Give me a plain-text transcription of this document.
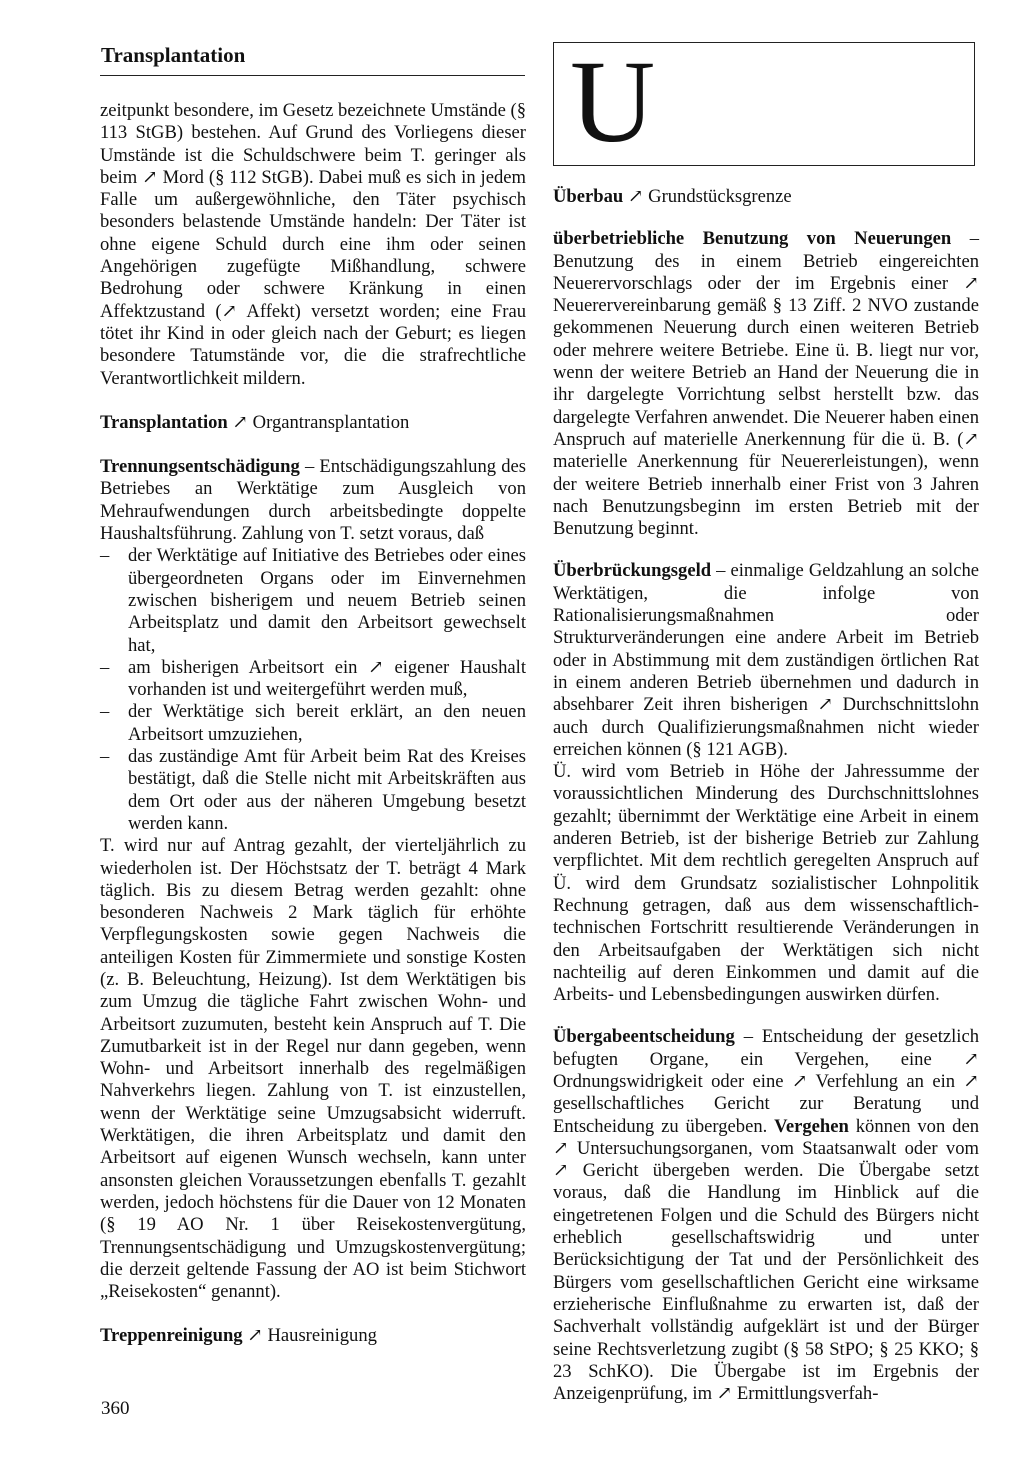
Transplantation	U

zeitpunkt besondere, im Gesetz bezeichnete Umstände (§ 113 StGB) bestehen. Auf Grund des Vorliegens dieser Umstände ist die Schuldschwere beim T. geringer als beim ↗ Mord (§ 112 StGB). Dabei muß es sich in jedem Falle um außergewöhnliche, den Täter psychisch besonders belastende Umstände handeln: Der Täter ist ohne eigene Schuld durch eine ihm oder seinen Angehörigen zugefügte Mißhandlung, schwere Bedrohung oder schwere Kränkung in einen Affektzustand (↗ Affekt) versetzt worden; eine Frau tötet ihr Kind in oder gleich nach der Geburt; es liegen besondere Tatumstände vor, die die strafrechtliche Verantwortlichkeit mildern.

Transplantation ↗ Organtransplantation

Trennungsentschädigung – Entschädigungszahlung des Betriebes an Werktätige zum Ausgleich von Mehraufwendungen durch arbeitsbedingte doppelte Haushaltsführung. Zahlung von T. setzt voraus, daß

– der Werktätige auf Initiative des Betriebes oder eines übergeordneten Organs oder im Einvernehmen zwischen bisherigem und neuem Betrieb seinen Arbeitsplatz und damit den Arbeitsort gewechselt hat,
– am bisherigen Arbeitsort ein ↗ eigener Haushalt vorhanden ist und weitergeführt werden muß,
– der Werktätige sich bereit erklärt, an den neuen Arbeitsort umzuziehen,
– das zuständige Amt für Arbeit beim Rat des Kreises bestätigt, daß die Stelle nicht mit Arbeitskräften aus dem Ort oder aus der näheren Umgebung besetzt werden kann.

T. wird nur auf Antrag gezahlt, der vierteljährlich zu wiederholen ist. Der Höchstsatz der T. beträgt 4 Mark täglich. Bis zu diesem Betrag werden gezahlt: ohne besonderen Nachweis 2 Mark täglich für erhöhte Verpflegungskosten sowie gegen Nachweis die anteiligen Kosten für Zimmermiete und sonstige Kosten (z. B. Beleuchtung, Heizung). Ist dem Werktätigen bis zum Umzug die tägliche Fahrt zwischen Wohn- und Arbeitsort zuzumuten, besteht kein Anspruch auf T. Die Zumutbarkeit ist in der Regel nur dann gegeben, wenn Wohn- und Arbeitsort innerhalb des regelmäßigen Nahverkehrs liegen. Zahlung von T. ist einzustellen, wenn der Werktätige seine Umzugsabsicht widerruft. Werktätigen, die ihren Arbeitsplatz und damit den Arbeitsort auf eigenen Wunsch wechseln, kann unter ansonsten gleichen Voraussetzungen ebenfalls T. gezahlt werden, jedoch höchstens für die Dauer von 12 Monaten (§ 19 AO Nr. 1 über Reisekostenvergütung, Trennungsentschädigung und Umzugskostenvergütung; die derzeit geltende Fassung der AO ist beim Stichwort „Reisekosten“ genannt).

Treppenreinigung ↗ Hausreinigung

Überbau ↗ Grundstücksgrenze

überbetriebliche Benutzung von Neuerungen – Benutzung des in einem Betrieb eingereichten Neuerervorschlags oder der im Ergebnis einer ↗ Neuerervereinbarung gemäß § 13 Ziff. 2 NVO zustande gekommenen Neuerung durch einen weiteren Betrieb oder mehrere weitere Betriebe. Eine ü. B. liegt nur vor, wenn der weitere Betrieb an Hand der Neuerung die in ihr dargelegte Vorrichtung selbst herstellt bzw. das dargelegte Verfahren anwendet. Die Neuerer haben einen Anspruch auf materielle Anerkennung für die ü. B. (↗ materielle Anerkennung für Neuererleistungen), wenn der weitere Betrieb innerhalb einer Frist von 3 Jahren nach Benutzungsbeginn im ersten Betrieb mit der Benutzung beginnt.

Überbrückungsgeld – einmalige Geldzahlung an solche Werktätigen, die infolge von Rationalisierungsmaßnahmen oder Strukturveränderungen eine andere Arbeit im Betrieb oder in Abstimmung mit dem zuständigen örtlichen Rat in einem anderen Betrieb übernehmen und dadurch in absehbarer Zeit ihren bisherigen ↗ Durchschnittslohn auch durch Qualifizierungsmaßnahmen nicht wieder erreichen können (§ 121 AGB).

Ü. wird vom Betrieb in Höhe der Jahressumme der voraussichtlichen Minderung des Durchschnittslohnes gezahlt; übernimmt der Werktätige eine Arbeit in einem anderen Betrieb, ist der bisherige Betrieb zur Zahlung verpflichtet. Mit dem rechtlich geregelten Anspruch auf Ü. wird dem Grundsatz sozialistischer Lohnpolitik Rechnung getragen, daß aus dem wissenschaftlich-technischen Fortschritt resultierende Veränderungen in den Arbeitsaufgaben der Werktätigen sich nicht nachteilig auf deren Einkommen und damit auf die Arbeits- und Lebensbedingungen auswirken dürfen.

Übergabeentscheidung – Entscheidung der gesetzlich befugten Organe, ein Vergehen, eine ↗ Ordnungswidrigkeit oder eine ↗ Verfehlung an ein ↗ gesellschaftliches Gericht zur Beratung und Entscheidung zu übergeben. Vergehen können von den ↗ Untersuchungsorganen, vom Staatsanwalt oder vom ↗ Gericht übergeben werden. Die Übergabe setzt voraus, daß die Handlung im Hinblick auf die eingetretenen Folgen und die Schuld des Bürgers nicht erheblich gesellschaftswidrig und unter Berücksichtigung der Tat und der Persönlichkeit des Bürgers vom gesellschaftlichen Gericht eine wirksame erzieherische Einflußnahme zu erwarten ist, daß der Sachverhalt vollständig aufgeklärt ist und der Bürger seine Rechtsverletzung zugibt (§ 58 StPO; § 25 KKO; § 23 SchKO). Die Übergabe ist im Ergebnis der Anzeigenprüfung, im ↗ Ermittlungsverfah-

360
